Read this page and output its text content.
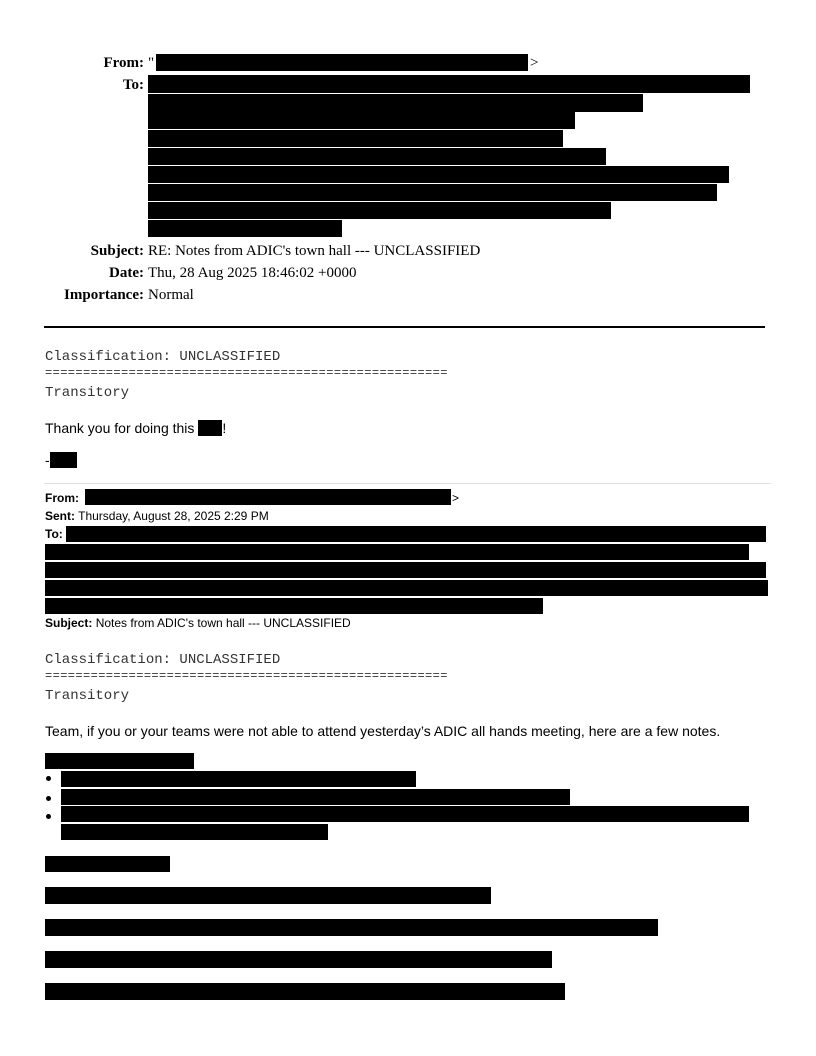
From: "	>
To:
Subject: RE: Notes from ADIC's town hall --- UNCLASSIFIED
Date: Thu, 28 Aug 2025 18:46:02 +0000
Importance: Normal
Classification: UNCLASSIFIED
=====================================================
Transitory
Thank you for doing this !
-
From:	>
Sent: Thursday, August 28, 2025 2:29 PM
To:
Subject: Notes from ADIC's town hall --- UNCLASSIFIED
Classification: UNCLASSIFIED
=====================================================
Transitory
Team, if you or your teams were not able to attend yesterday’s ADIC all hands meeting, here are a few notes.
